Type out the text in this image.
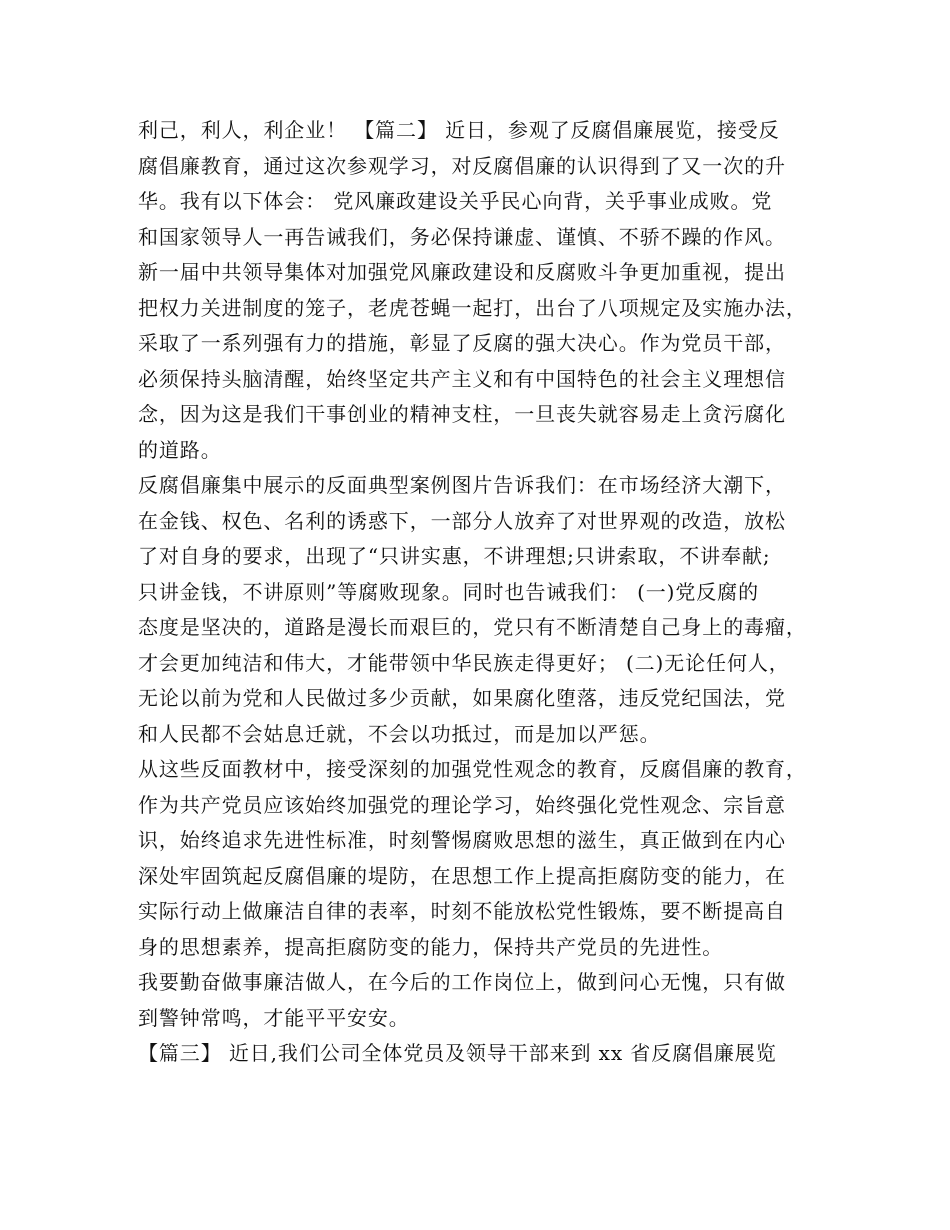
利己，利人，利企业！ 【篇二】 近日，参观了反腐倡廉展览，接受反
腐倡廉教育，通过这次参观学习，对反腐倡廉的认识得到了又一次的升
华。我有以下体会： 党风廉政建设关乎民心向背，关乎事业成败。党
和国家领导人一再告诫我们，务必保持谦虚、谨慎、不骄不躁的作风。
新一届中共领导集体对加强党风廉政建设和反腐败斗争更加重视，提出
把权力关进制度的笼子，老虎苍蝇一起打，出台了八项规定及实施办法，
采取了一系列强有力的措施，彰显了反腐的强大决心。作为党员干部，
必须保持头脑清醒，始终坚定共产主义和有中国特色的社会主义理想信
念，因为这是我们干事创业的精神支柱，一旦丧失就容易走上贪污腐化
的道路。
反腐倡廉集中展示的反面典型案例图片告诉我们：在市场经济大潮下，
在金钱、权色、名利的诱惑下，一部分人放弃了对世界观的改造，放松
了对自身的要求，出现了“只讲实惠，不讲理想;只讲索取，不讲奉献;
只讲金钱，不讲原则”等腐败现象。同时也告诫我们： (一)党反腐的
态度是坚决的，道路是漫长而艰巨的，党只有不断清楚自己身上的毒瘤，
才会更加纯洁和伟大，才能带领中华民族走得更好； (二)无论任何人，
无论以前为党和人民做过多少贡献，如果腐化堕落，违反党纪国法，党
和人民都不会姑息迁就，不会以功抵过，而是加以严惩。
从这些反面教材中，接受深刻的加强党性观念的教育，反腐倡廉的教育，
作为共产党员应该始终加强党的理论学习，始终强化党性观念、宗旨意
识，始终追求先进性标准，时刻警惕腐败思想的滋生，真正做到在内心
深处牢固筑起反腐倡廉的堤防，在思想工作上提高拒腐防变的能力，在
实际行动上做廉洁自律的表率，时刻不能放松党性锻炼，要不断提高自
身的思想素养，提高拒腐防变的能力，保持共产党员的先进性。
我要勤奋做事廉洁做人，在今后的工作岗位上，做到问心无愧，只有做
到警钟常鸣，才能平平安安。
【篇三】 近日,我们公司全体党员及领导干部来到 xx 省反腐倡廉展览
